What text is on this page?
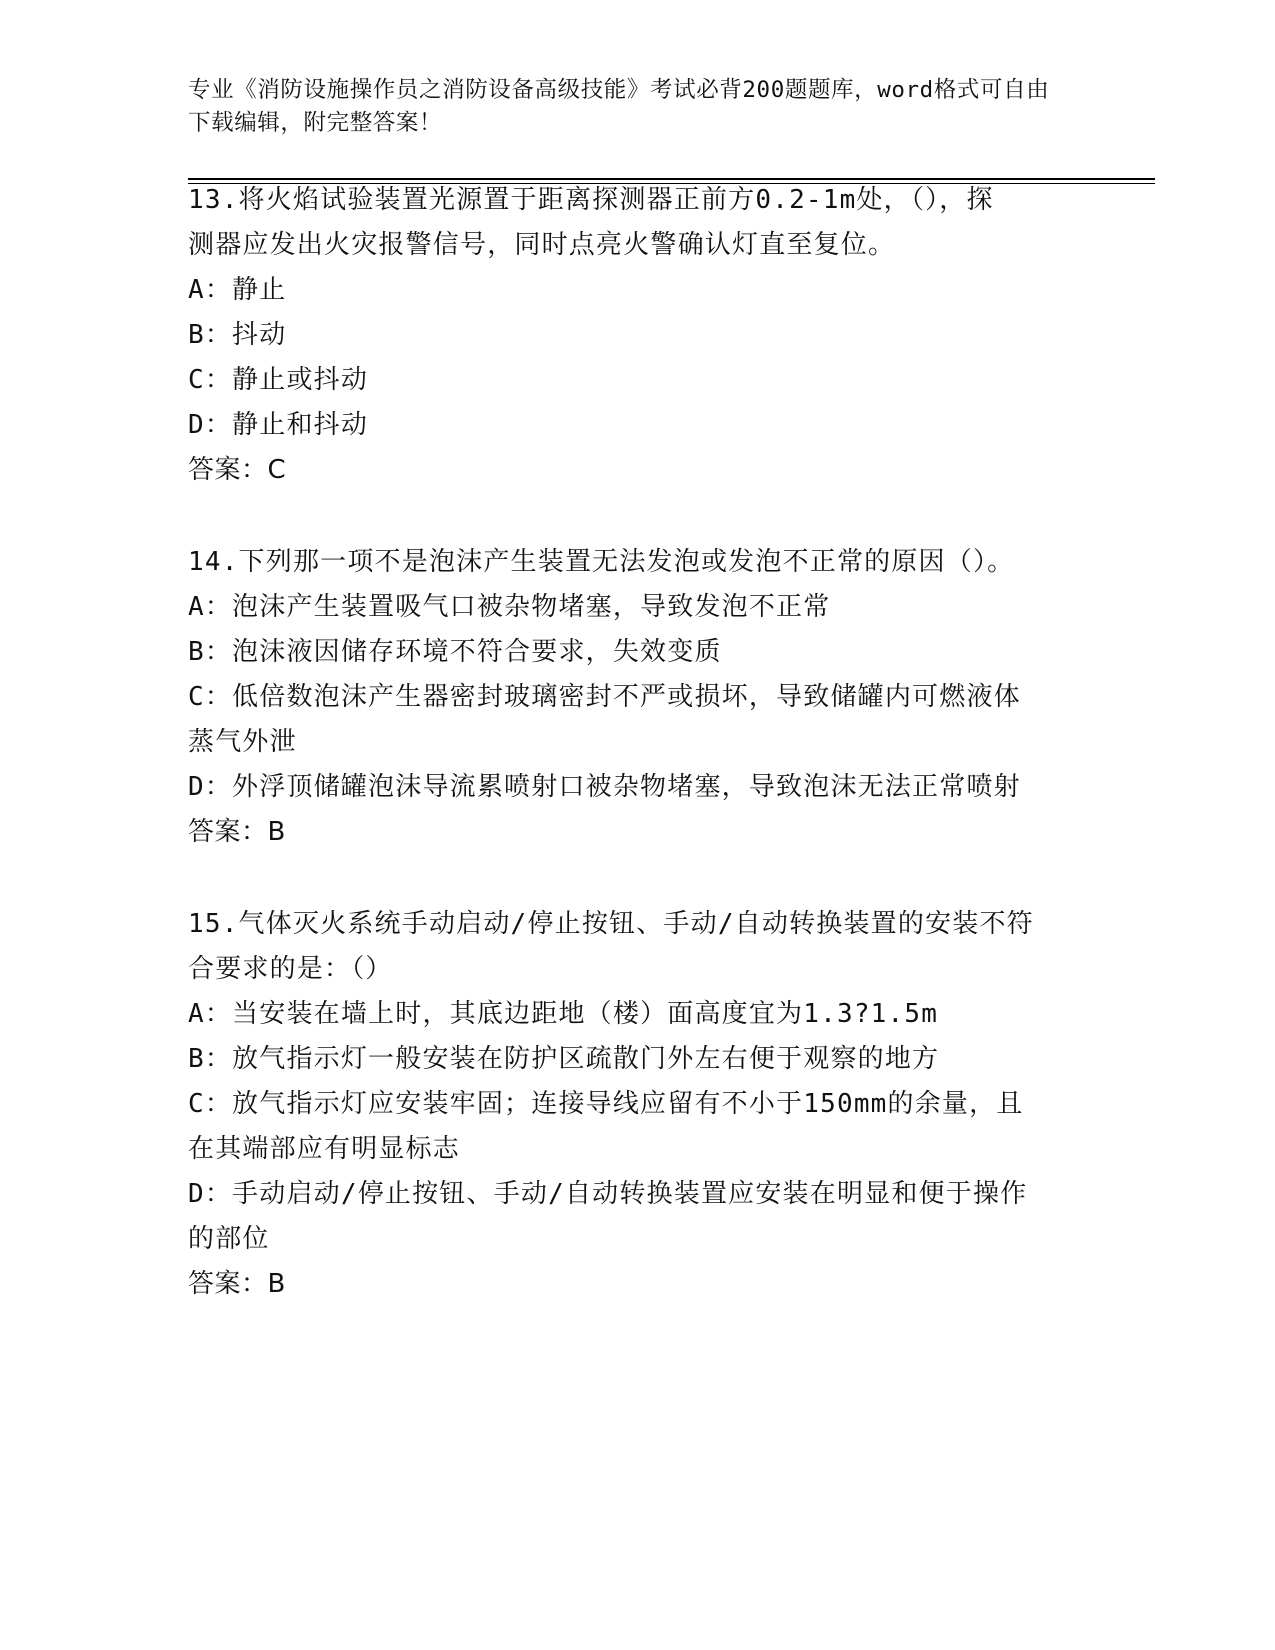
专业《消防设施操作员之消防设备高级技能》考试必背200题题库，word格式可自由下载编辑，附完整答案！
13.将火焰试验装置光源置于距离探测器正前方0.2-1m处，（），探
测器应发出火灾报警信号，同时点亮火警确认灯直至复位。
A：静止
B：抖动
C：静止或抖动
D：静止和抖动
答案：C
14.下列那一项不是泡沫产生装置无法发泡或发泡不正常的原因（）。
A：泡沫产生装置吸气口被杂物堵塞，导致发泡不正常
B：泡沫液因储存环境不符合要求，失效变质
C：低倍数泡沫产生器密封玻璃密封不严或损坏，导致储罐内可燃液体
蒸气外泄
D：外浮顶储罐泡沫导流累喷射口被杂物堵塞，导致泡沫无法正常喷射
答案：B
15.气体灭火系统手动启动/停止按钮、手动/自动转换装置的安装不符
合要求的是：（）
A：当安装在墙上时，其底边距地（楼）面高度宜为1.3?1.5m
B：放气指示灯一般安装在防护区疏散门外左右便于观察的地方
C：放气指示灯应安装牢固；连接导线应留有不小于150mm的余量，且
在其端部应有明显标志
D：手动启动/停止按钮、手动/自动转换装置应安装在明显和便于操作
的部位
答案：B
